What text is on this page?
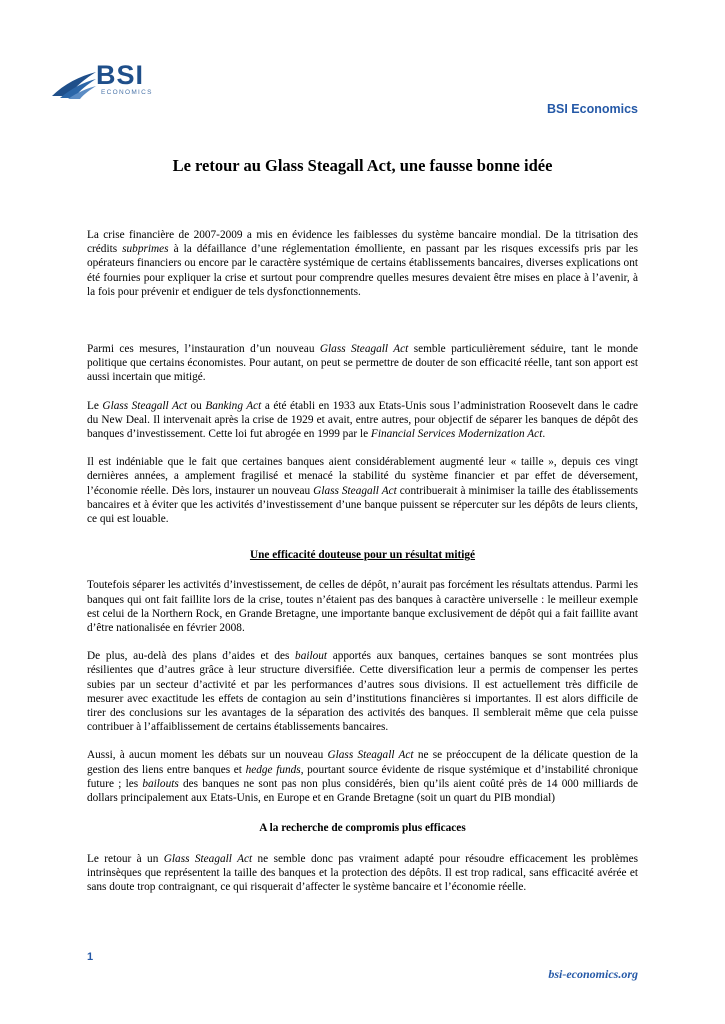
BSI
ECONOMICS
BSI Economics
Le retour au Glass Steagall Act, une fausse bonne idée

La crise financière de 2007-2009 a mis en évidence les faiblesses du système bancaire mondial. De la titrisation des crédits subprimes à la défaillance d’une réglementation émolliente, en passant par les risques excessifs pris par les opérateurs financiers ou encore par le caractère systémique de certains établissements bancaires, diverses explications ont été fournies pour expliquer la crise et surtout pour comprendre quelles mesures devaient être mises en place à l’avenir, à la fois pour prévenir et endiguer de tels dysfonctionnements.

Parmi ces mesures, l’instauration d’un nouveau Glass Steagall Act semble particulièrement séduire, tant le monde politique que certains économistes. Pour autant, on peut se permettre de douter de son efficacité réelle, tant son apport est aussi incertain que mitigé.

Le Glass Steagall Act ou Banking Act a été établi en 1933 aux Etats-Unis sous l’administration Roosevelt dans le cadre du New Deal. Il intervenait après la crise de 1929 et avait, entre autres, pour objectif de séparer les banques de dépôt des banques d’investissement. Cette loi fut abrogée en 1999 par le Financial Services Modernization Act.

Il est indéniable que le fait que certaines banques aient considérablement augmenté leur « taille », depuis ces vingt dernières années, a amplement fragilisé et menacé la stabilité du système financier et par effet de déversement, l’économie réelle. Dès lors, instaurer un nouveau Glass Steagall Act contribuerait à minimiser la taille des établissements bancaires et à éviter que les activités d’investissement d’une banque puissent se répercuter sur les dépôts de leurs clients, ce qui est louable.

Une efficacité douteuse pour un résultat mitigé

Toutefois séparer les activités d’investissement, de celles de dépôt, n’aurait pas forcément les résultats attendus. Parmi les banques qui ont fait faillite lors de la crise, toutes n’étaient pas des banques à caractère universelle : le meilleur exemple est celui de la Northern Rock, en Grande Bretagne, une importante banque exclusivement de dépôt qui a fait faillite avant d’être nationalisée en février 2008.

De plus, au-delà des plans d’aides et des bailout apportés aux banques, certaines banques se sont montrées plus résilientes que d’autres grâce à leur structure diversifiée. Cette diversification leur a permis de compenser les pertes subies par un secteur d’activité et par les performances d’autres sous divisions. Il est actuellement très difficile de mesurer avec exactitude les effets de contagion au sein d’institutions financières si importantes. Il est alors difficile de tirer des conclusions sur les avantages de la séparation des activités des banques. Il semblerait même que cela puisse contribuer à l’affaiblissement de certains établissements bancaires.

Aussi, à aucun moment les débats sur un nouveau Glass Steagall Act ne se préoccupent de la délicate question de la gestion des liens entre banques et hedge funds, pourtant source évidente de risque systémique et d’instabilité chronique future ; les bailouts des banques ne sont pas non plus considérés, bien qu’ils aient coûté près de 14 000 milliards de dollars principalement aux Etats-Unis, en Europe et en Grande Bretagne (soit un quart du PIB mondial)

A la recherche de compromis plus efficaces

Le retour à un Glass Steagall Act ne semble donc pas vraiment adapté pour résoudre efficacement les problèmes intrinsèques que représentent la taille des banques et la protection des dépôts. Il est trop radical, sans efficacité avérée et sans doute trop contraignant, ce qui risquerait d’affecter le système bancaire et l’économie réelle.

1
bsi-economics.org
